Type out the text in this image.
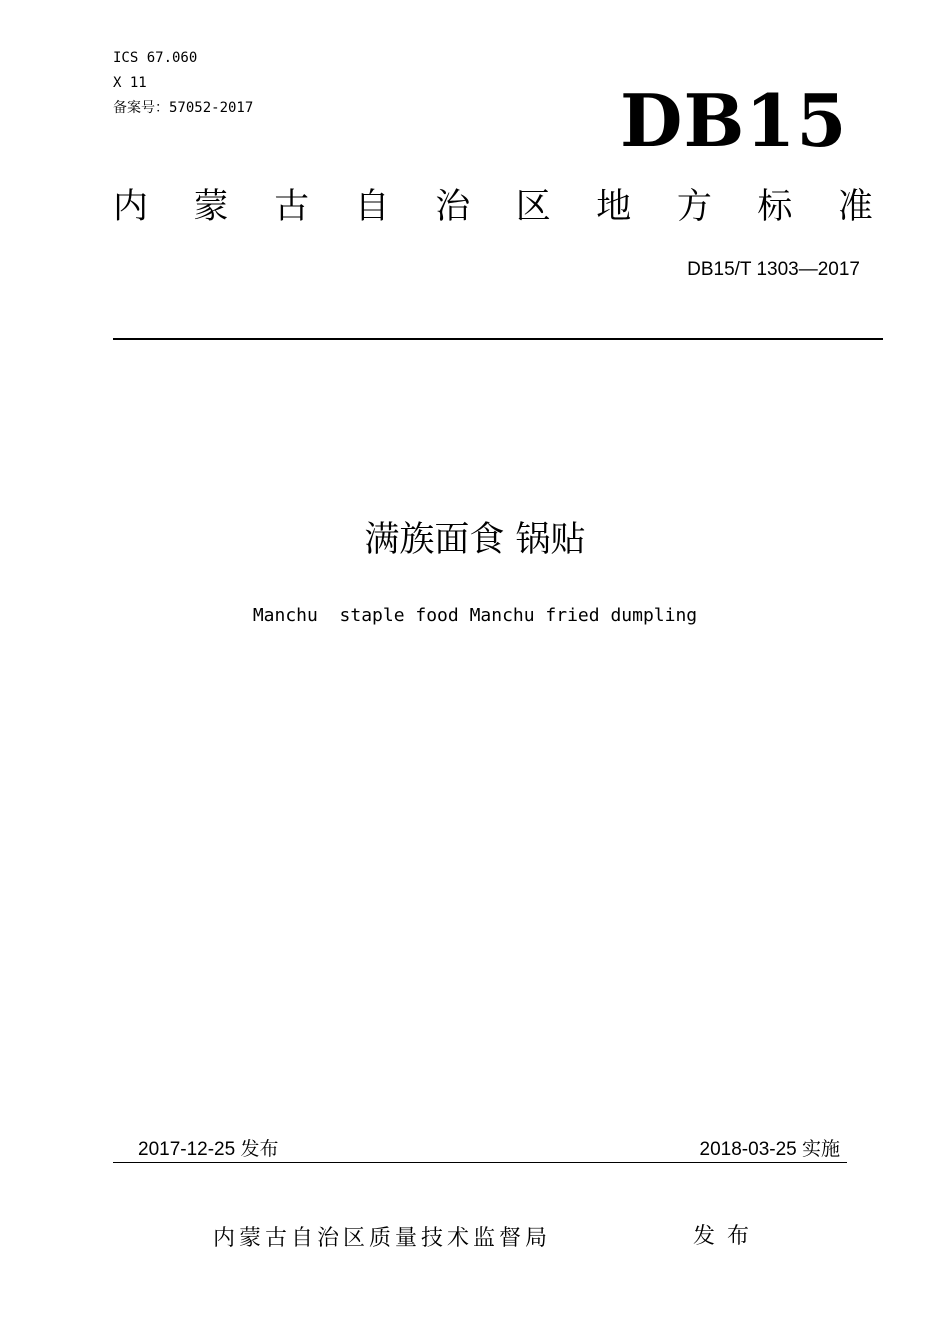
ICS 67.060
X 11
备案号：57052-2017	DB15
内 蒙 古 自 治 区 地 方 标 准
DB15/T 1303—2017
满族面食 锅贴
Manchu  staple food Manchu fried dumpling
2017-12-25 发布	2018-03-25 实施
内蒙古自治区质量技术监督局	发布
